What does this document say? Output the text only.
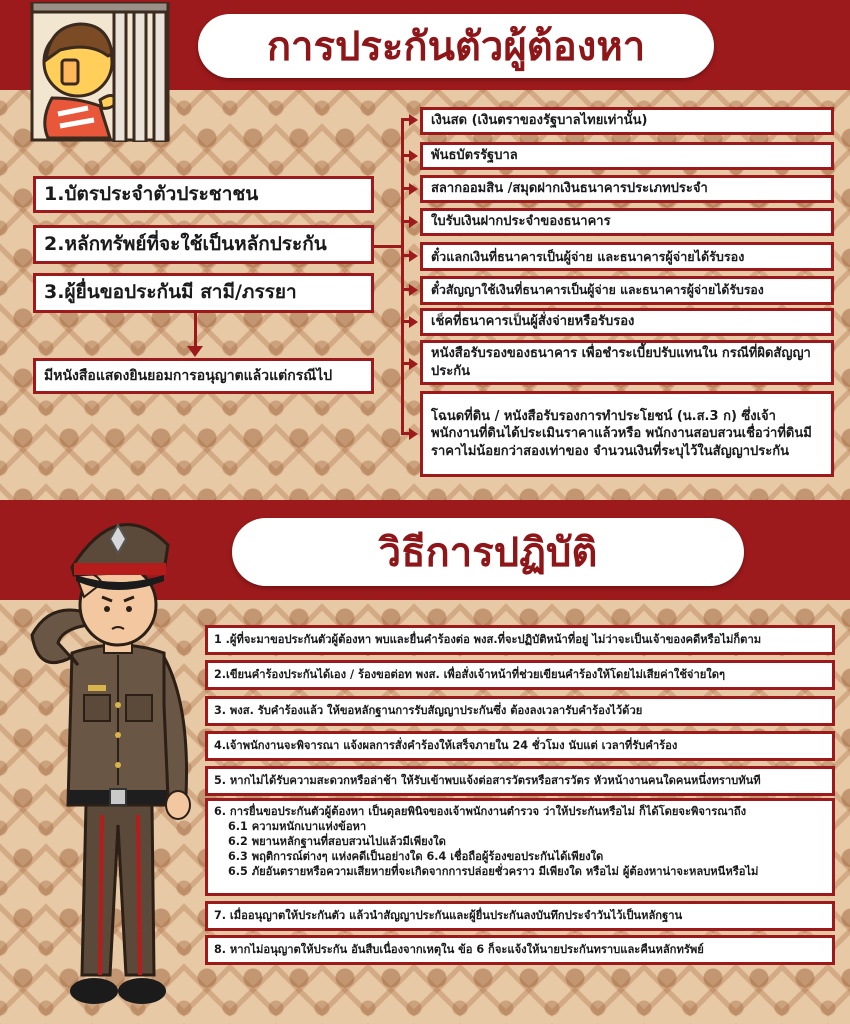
การประกันตัวผู้ต้องหา
1.บัตรประจำตัวประชาชน
2.หลักทรัพย์ที่จะใช้เป็นหลักประกัน
3.ผู้ยื่นขอประกันมี สามี/ภรรยา
มีหนังสือแสดงยินยอมการอนุญาตแล้วแต่กรณีไป
เงินสด (เงินตราของรัฐบาลไทยเท่านั้น)
พันธบัตรรัฐบาล
สลากออมสิน /สมุดฝากเงินธนาคารประเภทประจำ
ใบรับเงินฝากประจำของธนาคาร
ตั๋วแลกเงินที่ธนาคารเป็นผู้จ่าย และธนาคารผู้จ่ายได้รับรอง
ตั๋วสัญญาใช้เงินที่ธนาคารเป็นผู้จ่าย และธนาคารผู้จ่ายได้รับรอง
เช็คที่ธนาคารเป็นผู้สั่งจ่ายหรือรับรอง
หนังสือรับรองของธนาคาร เพื่อชำระเบี้ยปรับแทนใน กรณีที่ผิดสัญญาประกัน
โฉนดที่ดิน / หนังสือรับรองการทำประโยชน์ (น.ส.3 ก) ซึ่งเจ้าพนักงานที่ดินได้ประเมินราคาแล้วหรือ พนักงานสอบสวนเชื่อว่าที่ดินมีราคาไม่น้อยกว่าสองเท่าของ จำนวนเงินที่ระบุไว้ในสัญญาประกัน
วิธีการปฏิบัติ
1 .ผู้ที่จะมาขอประกันตัวผู้ต้องหา พบและยื่นคำร้องต่อ พงส.ที่จะปฏิบัติหน้าที่อยู่ ไม่ว่าจะเป็นเจ้าของคดีหรือไม่ก็ตาม
2.เขียนคำร้องประกันได้เอง / ร้องขอต่อท พงส. เพื่อสั่งเจ้าหน้าที่ช่วยเขียนคำร้องให้โดยไม่เสียค่าใช้จ่ายใดๆ
3. พงส. รับคำร้องแล้ว ให้ขอหลักฐานการรับสัญญาประกันซึ่ง ต้องลงเวลารับคำร้องไว้ด้วย
4.เจ้าพนักงานจะพิจารณา แจ้งผลการสั่งคำร้องให้เสร็จภายใน 24 ชั่วโมง นับแต่ เวลาที่รับคำร้อง
5. หากไม่ได้รับความสะดวกหรือล่าช้า ให้รับเข้าพบแจ้งต่อสารวัตรหรือสารวัตร หัวหน้างานคนใดคนหนึ่งทราบทันที
6. การยื่นขอประกันตัวผู้ต้องหา เป็นดุลยพินิจของเจ้าพนักงานตำรวจ ว่าให้ประกันหรือไม่ ก็ได้โดยจะพิจารณาถึง
6.1 ความหนักเบาแห่งข้อหา
6.2 พยานหลักฐานที่สอบสวนไปแล้วมีเพียงใด
6.3 พฤติการณ์ต่างๆ แห่งคดีเป็นอย่างใด 6.4 เชื่อถือผู้ร้องขอประกันได้เพียงใด
6.5 ภัยอันตรายหรือความเสียหายที่จะเกิดจากการปล่อยชั่วคราว มีเพียงใด หรือไม่ ผู้ต้องหาน่าจะหลบหนีหรือไม่
7. เมื่ออนุญาตให้ประกันตัว แล้วนำสัญญาประกันและผู้ยื่นประกันลงบันทึกประจำวันไว้เป็นหลักฐาน
8. หากไม่อนุญาตให้ประกัน อันสืบเนื่องจากเหตุใน ข้อ 6 ก็จะแจ้งให้นายประกันทราบและคืนหลักทรัพย์
